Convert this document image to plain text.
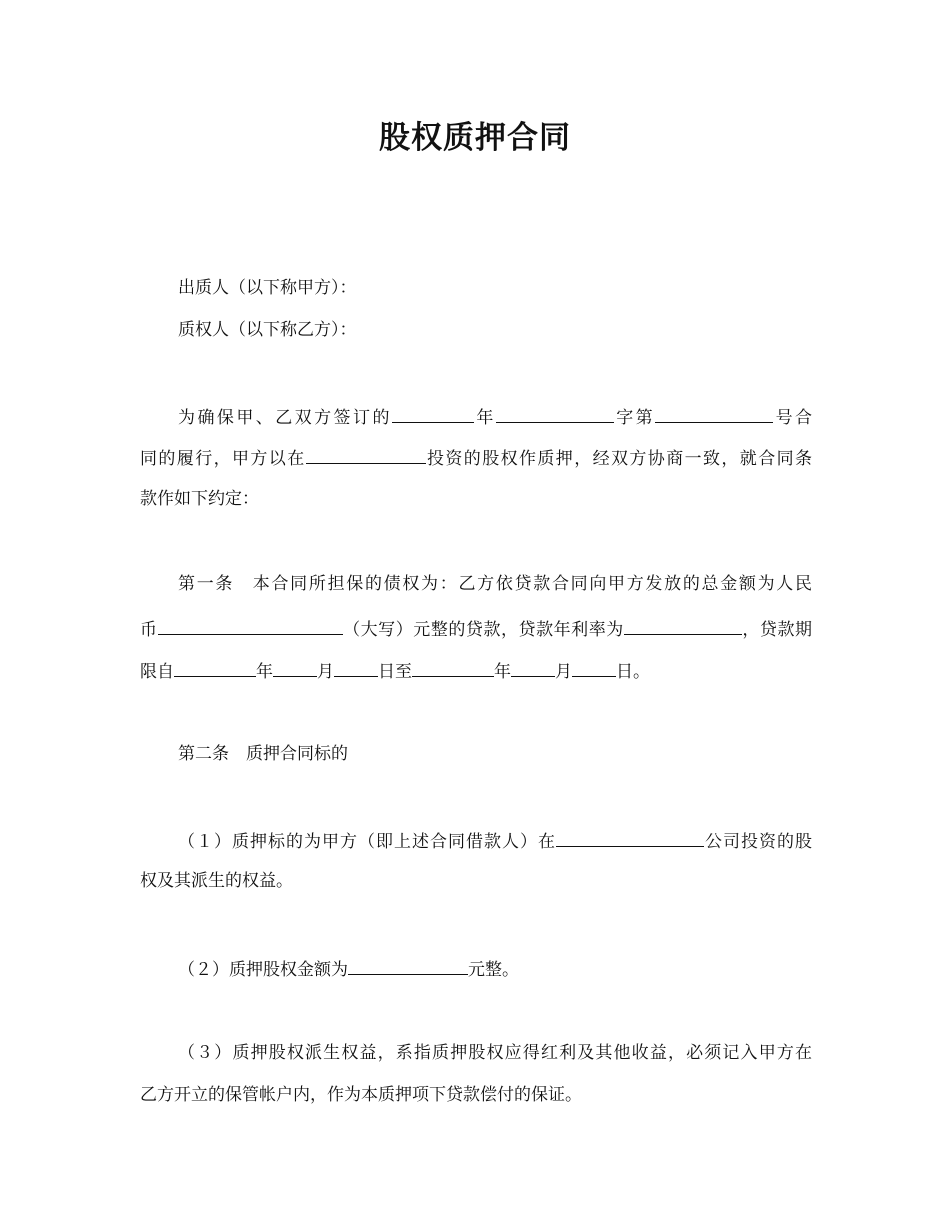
股权质押合同
出质人（以下称甲方）：
质权人（以下称乙方）：
为确保甲、乙双方签订的	年	字第	号合
同的履行，甲方以在	投资的股权作质押，经双方协商一致，就合同条
款作如下约定：
第一条　本合同所担保的债权为：乙方依贷款合同向甲方发放的总金额为人民
币	（大写）元整的贷款，贷款年利率为	，贷款期
限自	年	月	日至	年	月	日。
第二条　质押合同标的
（１）质押标的为甲方（即上述合同借款人）在	公司投资的股
权及其派生的权益。
（２）质押股权金额为	元整。
（３）质押股权派生权益，系指质押股权应得红利及其他收益，必须记入甲方在
乙方开立的保管帐户内，作为本质押项下贷款偿付的保证。
